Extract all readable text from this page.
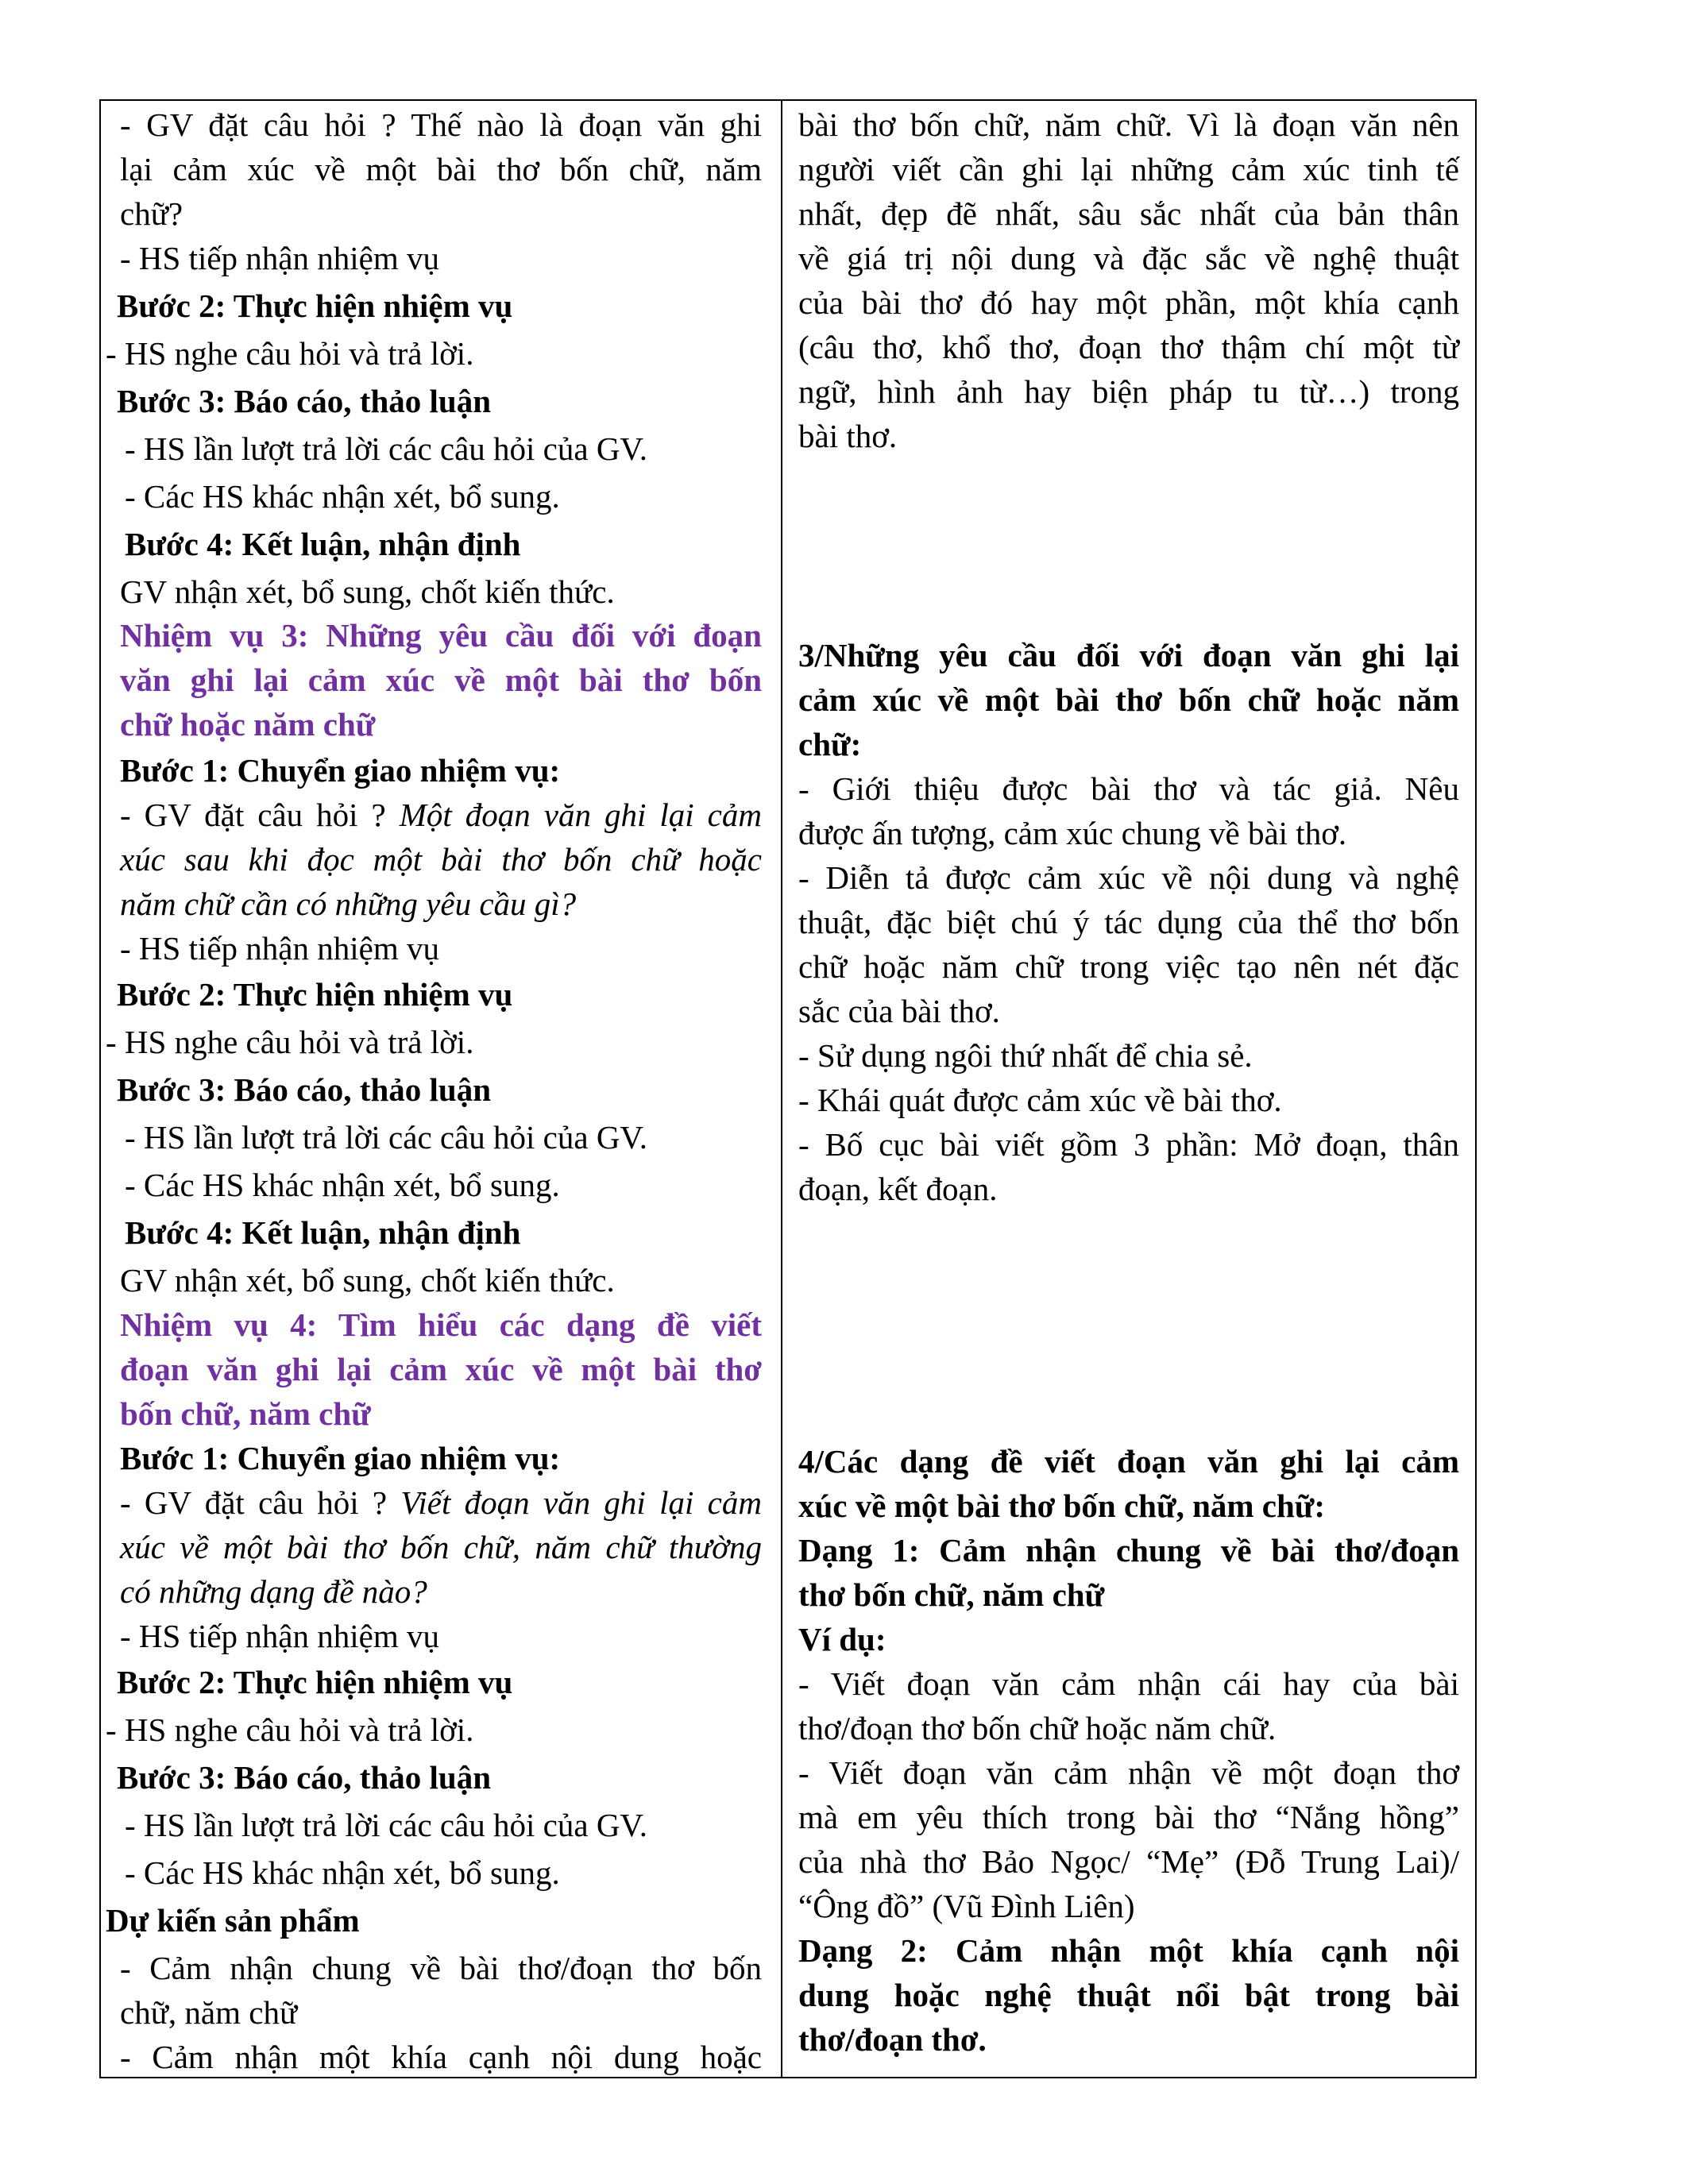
- GV đặt câu hỏi ? Thế nào là đoạn văn ghi
lại cảm xúc về một bài thơ bốn chữ, năm
chữ?
- HS tiếp nhận nhiệm vụ
Bước 2: Thực hiện nhiệm vụ
- HS nghe câu hỏi và trả lời.
Bước 3: Báo cáo, thảo luận
- HS lần lượt trả lời các câu hỏi của GV.
- Các HS khác nhận xét, bổ sung.
Bước 4: Kết luận, nhận định
GV nhận xét, bổ sung, chốt kiến thức.
Nhiệm vụ 3: Những yêu cầu đối với đoạn
văn ghi lại cảm xúc về một bài thơ bốn
chữ hoặc năm chữ
Bước 1: Chuyển giao nhiệm vụ:
- GV đặt câu hỏi ? Một đoạn văn ghi lại cảm
xúc sau khi đọc một bài thơ bốn chữ hoặc
năm chữ cần có những yêu cầu gì?
- HS tiếp nhận nhiệm vụ
Bước 2: Thực hiện nhiệm vụ
- HS nghe câu hỏi và trả lời.
Bước 3: Báo cáo, thảo luận
- HS lần lượt trả lời các câu hỏi của GV.
- Các HS khác nhận xét, bổ sung.
Bước 4: Kết luận, nhận định
GV nhận xét, bổ sung, chốt kiến thức.
Nhiệm vụ 4: Tìm hiểu các dạng đề viết
đoạn văn ghi lại cảm xúc về một bài thơ
bốn chữ, năm chữ
Bước 1: Chuyển giao nhiệm vụ:
- GV đặt câu hỏi ? Viết đoạn văn ghi lại cảm
xúc về một bài thơ bốn chữ, năm chữ thường
có những dạng đề nào?
- HS tiếp nhận nhiệm vụ
Bước 2: Thực hiện nhiệm vụ
- HS nghe câu hỏi và trả lời.
Bước 3: Báo cáo, thảo luận
- HS lần lượt trả lời các câu hỏi của GV.
- Các HS khác nhận xét, bổ sung.
Dự kiến sản phẩm
- Cảm nhận chung về bài thơ/đoạn thơ bốn
chữ, năm chữ
- Cảm nhận một khía cạnh nội dung hoặc
bài thơ bốn chữ, năm chữ. Vì là đoạn văn nên
người viết cần ghi lại những cảm xúc tinh tế
nhất, đẹp đẽ nhất, sâu sắc nhất của bản thân
về giá trị nội dung và đặc sắc về nghệ thuật
của bài thơ đó hay một phần, một khía cạnh
(câu thơ, khổ thơ, đoạn thơ thậm chí một từ
ngữ, hình ảnh hay biện pháp tu từ…) trong
bài thơ.
3/Những yêu cầu đối với đoạn văn ghi lại
cảm xúc về một bài thơ bốn chữ hoặc năm
chữ:
- Giới thiệu được bài thơ và tác giả. Nêu
được ấn tượng, cảm xúc chung về bài thơ.
- Diễn tả được cảm xúc về nội dung và nghệ
thuật, đặc biệt chú ý tác dụng của thể thơ bốn
chữ hoặc năm chữ trong việc tạo nên nét đặc
sắc của bài thơ.
- Sử dụng ngôi thứ nhất để chia sẻ.
- Khái quát được cảm xúc về bài thơ.
- Bố cục bài viết gồm 3 phần: Mở đoạn, thân
đoạn, kết đoạn.
4/Các dạng đề viết đoạn văn ghi lại cảm
xúc về một bài thơ bốn chữ, năm chữ:
Dạng 1: Cảm nhận chung về bài thơ/đoạn
thơ bốn chữ, năm chữ
Ví dụ:
- Viết đoạn văn cảm nhận cái hay của bài
thơ/đoạn thơ bốn chữ hoặc năm chữ.
- Viết đoạn văn cảm nhận về một đoạn thơ
mà em yêu thích trong bài thơ “Nắng hồng”
của nhà thơ Bảo Ngọc/ “Mẹ” (Đỗ Trung Lai)/
“Ông đồ” (Vũ Đình Liên)
Dạng 2: Cảm nhận một khía cạnh nội
dung hoặc nghệ thuật nổi bật trong bài
thơ/đoạn thơ.
